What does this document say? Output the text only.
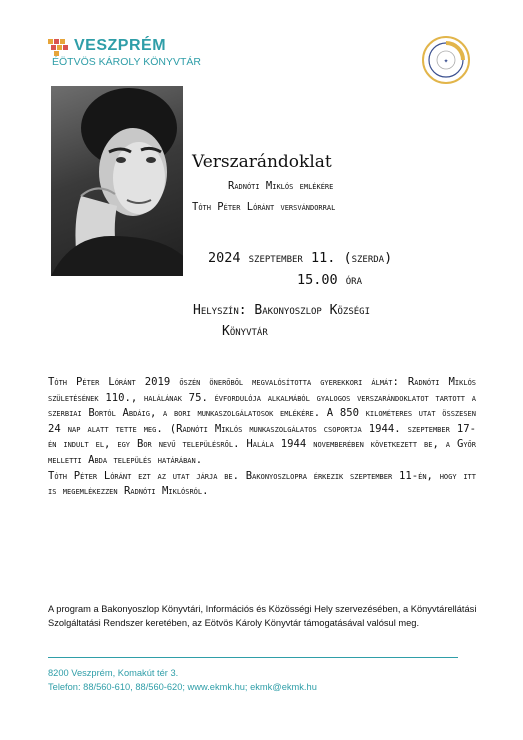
VESZPRÉM
ÉÖTVÖS KÁROLY KÖNYVTÁR	✦
Verszarándoklat
Radnóti Miklós emlékére
Tóth Péter Lóránt versvándorral
2024 szeptember 11. (szerda)
15.00 óra
Helyszín: Bakonyoszlop Községi
Könyvtár

Tóth Péter Lóránt 2019 őszén önerőből megvalósította gyerekkori álmát: Radnóti Miklós születésének 110., halálának 75. évfordulója alkalmából gyalogos verszarándoklatot tartott a szerbiai Bortól Abdáig, a bori munkaszolgálatosok emlékére. A 850 kilométeres utat összesen 24 nap alatt tette meg. (Radnóti Miklós munkaszolgálatos csoportja 1944. szeptember 17-én indult el, egy Bor nevű településről. Halála 1944 novemberében következett be, a Győr melletti Abda település határában.

Tóth Péter Lóránt ezt az utat járja be. Bakonyoszlopra érkezik szeptember 11-én, hogy itt is megemlékezzen Radnóti Miklósról.

A program a Bakonyoszlop Könyvtári, Információs és Közösségi Hely szervezésében, a Könyvtárellátási Szolgáltatási Rendszer keretében, az Eötvös Károly Könyvtár támogatásával valósul meg.
8200 Veszprém, Komakút tér 3.
Telefon: 88/560-610, 88/560-620; www.ekmk.hu; ekmk@ekmk.hu
